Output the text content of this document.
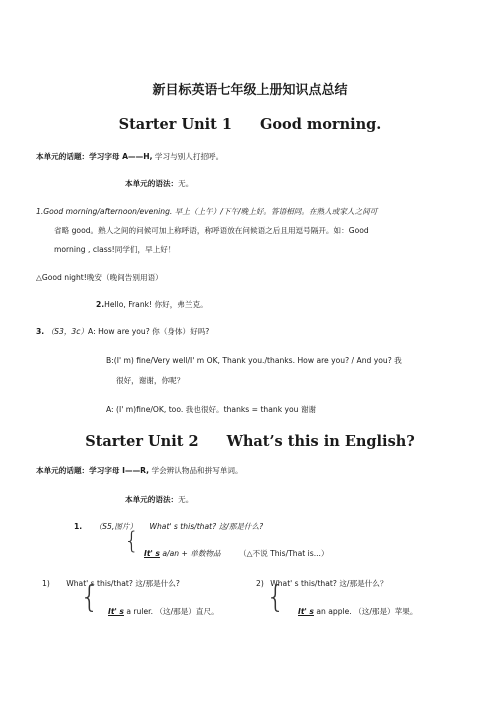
新目标英语七年级上册知识点总结
Starter Unit 1 Good morning.
本单元的话题：学习字母 A——H, 学习与别人打招呼。
本单元的语法：无。
1.Good morning/afternoon/evening. 早上（上午）/下午/晚上好。答语相同。在熟人或家人之间可
省略 good。熟人之间的问候可加上称呼语，称呼语放在问候语之后且用逗号隔开。如：Good
morning , class!同学们，早上好！
△Good night!晚安（晚间告别用语）
2.Hello, Frank! 你好，弗兰克。
3. （S3，3c）A: How are you? 你（身体）好吗?
B:(I' m) fine/Very well/I' m OK, Thank you./thanks. How are you? / And you? 我
很好，谢谢，你呢？
A: (I' m)fine/OK, too. 我也很好。thanks = thank you 谢谢
Starter Unit 2 What’s this in English?
本单元的话题：学习字母 I——R, 学会辨认物品和拼写单词。
本单元的语法：无。
1. （S5,图片） What' s this/that? 这/那是什么?
{ It' s a/an + 单数物品 （△不说 This/That is...）
1) What' s this/that? 这/那是什么?
{ It' s a ruler. （这/那是）直尺。
2) What' s this/that? 这/那是什么？
{ It' s an apple. （这/那是）苹果。
